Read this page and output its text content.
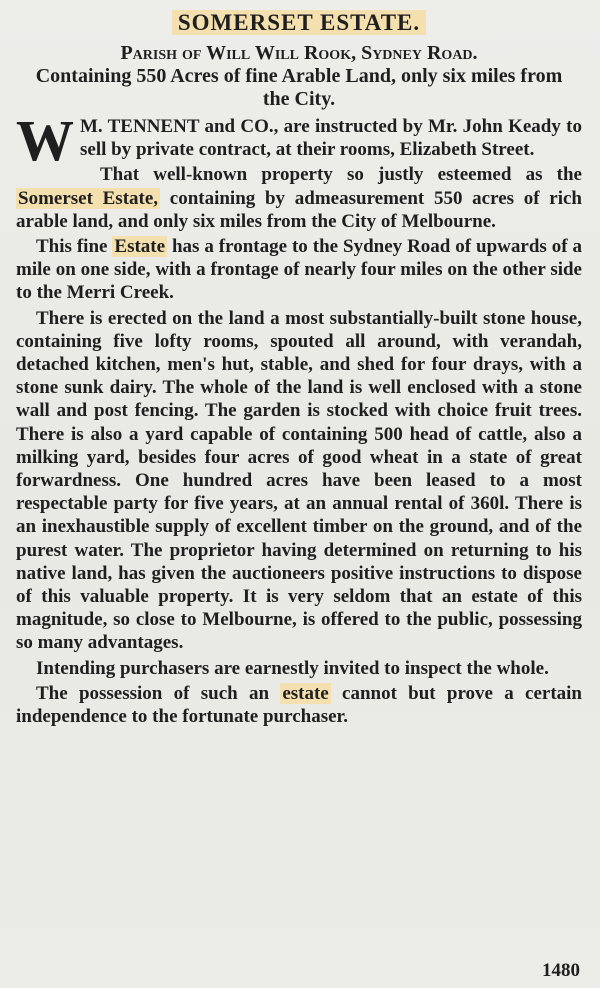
SOMERSET ESTATE.
Parish of Will Will Rook, Sydney Road.
Containing 550 Acres of fine Arable Land, only six miles from the City.

W M. TENNENT and CO., are instructed by Mr. John Keady to sell by private contract, at their rooms, Elizabeth Street.

That well-known property so justly esteemed as the Somerset Estate, containing by admeasurement 550 acres of rich arable land, and only six miles from the City of Melbourne.

This fine Estate has a frontage to the Sydney Road of upwards of a mile on one side, with a frontage of nearly four miles on the other side to the Merri Creek.

There is erected on the land a most substantially-built stone house, containing five lofty rooms, spouted all around, with verandah, detached kitchen, men's hut, stable, and shed for four drays, with a stone sunk dairy. The whole of the land is well enclosed with a stone wall and post fencing. The garden is stocked with choice fruit trees. There is also a yard capable of containing 500 head of cattle, also a milking yard, besides four acres of good wheat in a state of great forwardness. One hundred acres have been leased to a most respectable party for five years, at an annual rental of 360l. There is an inexhaustible supply of excellent timber on the ground, and of the purest water. The proprietor having determined on returning to his native land, has given the auctioneers positive instructions to dispose of this valuable property. It is very seldom that an estate of this magnitude, so close to Melbourne, is offered to the public, possessing so many advantages.

Intending purchasers are earnestly invited to inspect the whole.

The possession of such an estate cannot but prove a certain independence to the fortunate purchaser.

1480
